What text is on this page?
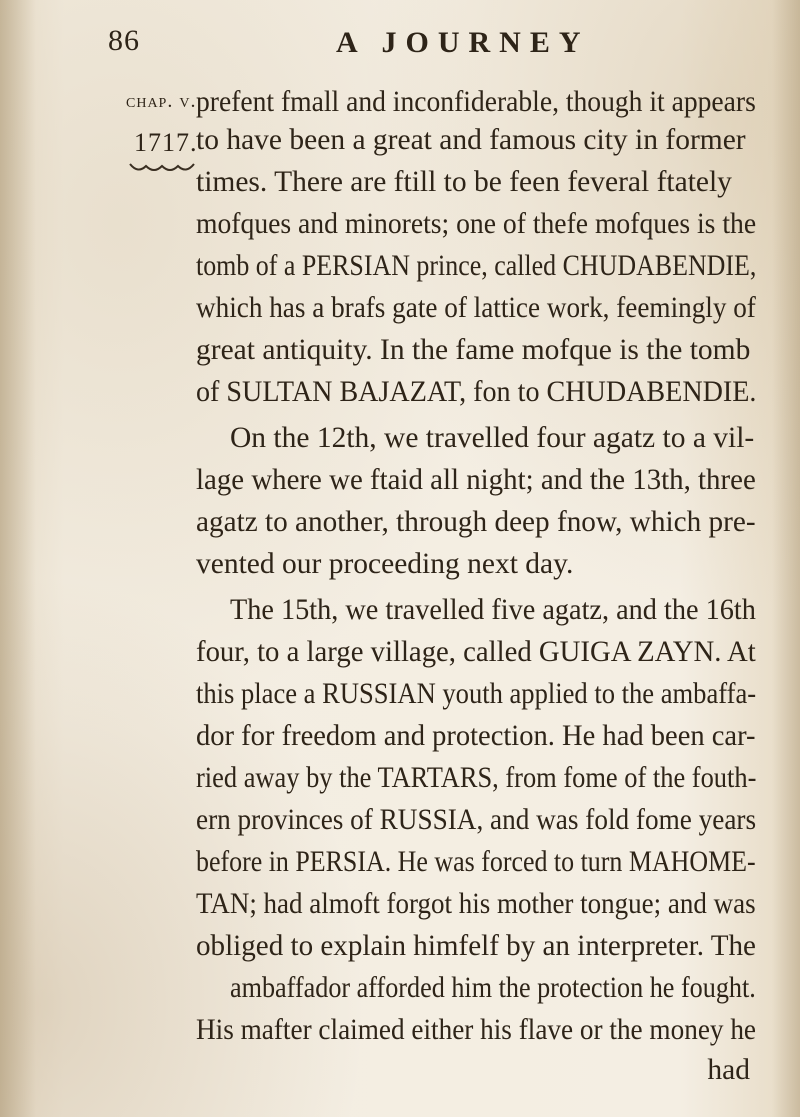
86	A JOURNEY
chap. v.
1717.
prefent fmall and inconfiderable, though it appears
to have been a great and famous city in former
times. There are ftill to be feen feveral ftately
mofques and minorets; one of thefe mofques is the
tomb of a PERSIAN prince, called CHUDABENDIE,
which has a brafs gate of lattice work, feemingly of
great antiquity. In the fame mofque is the tomb
of SULTAN BAJAZAT, fon to CHUDABENDIE.
On the 12th, we travelled four agatz to a vil-
lage where we ftaid all night; and the 13th, three
agatz to another, through deep fnow, which pre-
vented our proceeding next day.
The 15th, we travelled five agatz, and the 16th
four, to a large village, called GUIGA ZAYN. At
this place a RUSSIAN youth applied to the ambaffa-
dor for freedom and protection. He had been car-
ried away by the TARTARS, from fome of the fouth-
ern provinces of RUSSIA, and was fold fome years
before in PERSIA. He was forced to turn MAHOME-
TAN; had almoft forgot his mother tongue; and was
obliged to explain himfelf by an interpreter. The
ambaffador afforded him the protection he fought.
His mafter claimed either his flave or the money he
had
